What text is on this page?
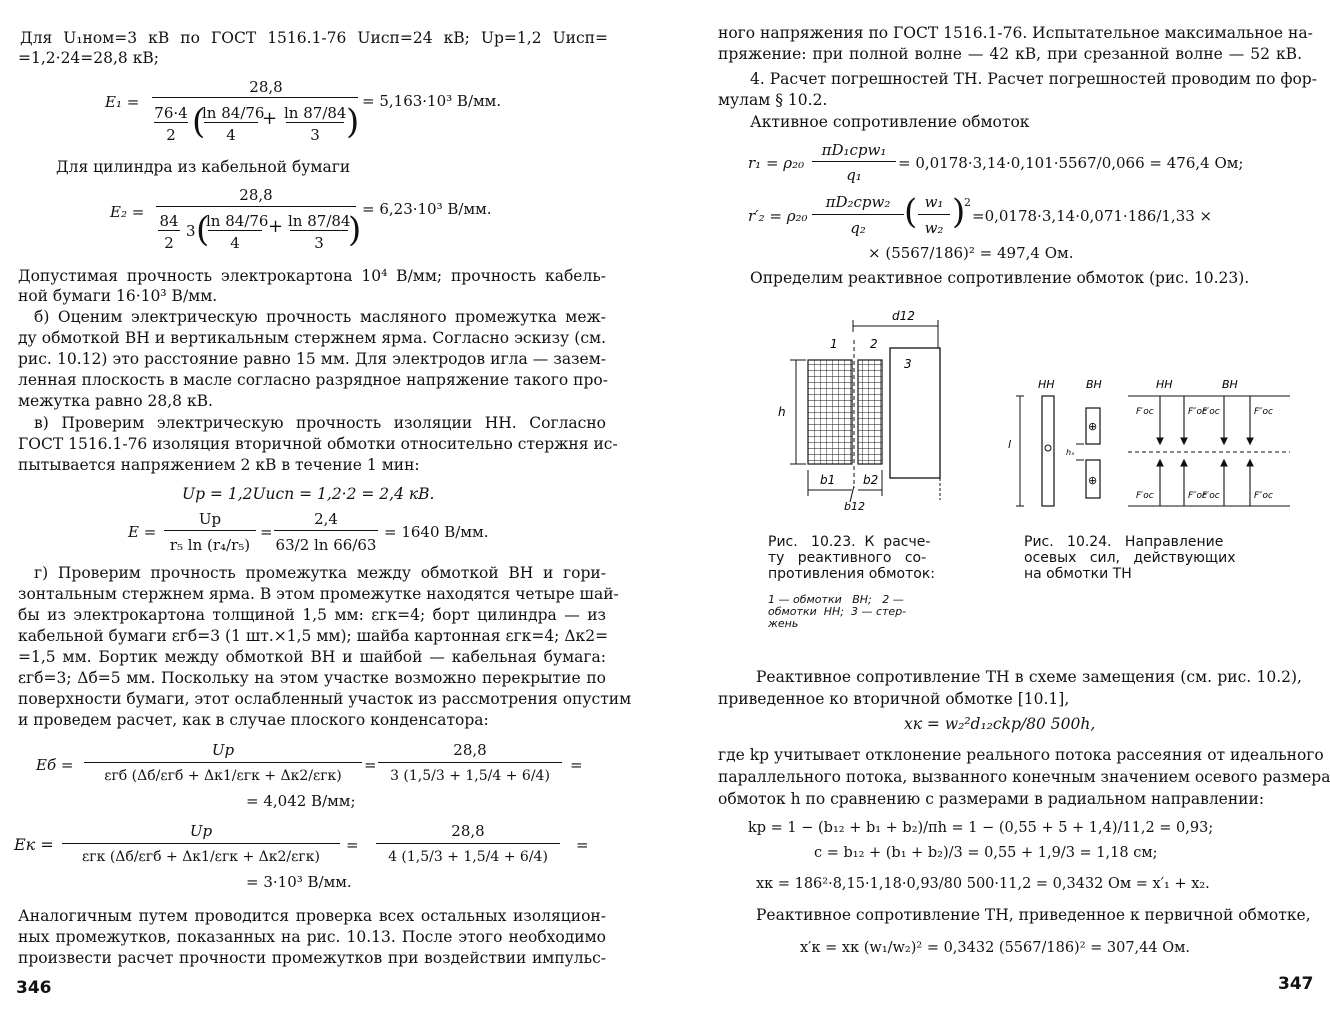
Для U₁ном=3 кВ по ГОСТ 1516.1-76 Uисп=24 кВ; Uр=1,2 Uисп=
=1,2·24=28,8 кВ;
E₁ =
28,8
76·4
2 (
ln 84/76
4
+ ln 87/84
3 )
= 5,163·10³ В/мм.
Для цилиндра из кабельной бумаги
E₂ =
28,8
84
2
3 (
ln 84/76
4
+ ln 87/84
3 )
= 6,23·10³ В/мм.
Допустимая прочность электрокартона 10⁴ В/мм; прочность кабель-
ной бумаги 16·10³ В/мм.
б) Оценим электрическую прочность масляного промежутка меж-
ду обмоткой ВН и вертикальным стержнем ярма. Согласно эскизу (см.
рис. 10.12) это расстояние равно 15 мм. Для электродов игла — зазем-
ленная плоскость в масле согласно разрядное напряжение такого про-
межутка равно 28,8 кВ.
в) Проверим электрическую прочность изоляции НН. Согласно
ГОСТ 1516.1-76 изоляция вторичной обмотки относительно стержня ис-
пытывается напряжением 2 кВ в течение 1 мин:
Uр = 1,2Uисп = 1,2·2 = 2,4 кВ.
E =
Uр
r₅ ln (r₄/r₅)
=
2,4
63/2 ln 66/63
= 1640 В/мм.
г) Проверим прочность промежутка между обмоткой ВН и гори-
зонтальным стержнем ярма. В этом промежутке находятся четыре шай-
бы из электрокартона толщиной 1,5 мм: εгк=4; борт цилиндра — из
кабельной бумаги εгб=3 (1 шт.×1,5 мм); шайба картонная εгк=4; Δк2=
=1,5 мм. Бортик между обмоткой ВН и шайбой — кабельная бумага:
εгб=3; Δб=5 мм. Поскольку на этом участке возможно перекрытие по
поверхности бумаги, этот ослабленный участок из рассмотрения опустим
и проведем расчет, как в случае плоского конденсатора:
Eб =
Uр
εгб (Δб/εгб + Δк1/εгк + Δк2/εгк)
=
28,8
3 (1,5/3 + 1,5/4 + 6/4)
=
= 4,042 В/мм;
Eк =
Uр
εгк (Δб/εгб + Δк1/εгк + Δк2/εгк)
=
28,8
4 (1,5/3 + 1,5/4 + 6/4)
=
= 3·10³ В/мм.
Аналогичным путем проводится проверка всех остальных изоляцион-
ных промежутков, показанных на рис. 10.13. После этого необходимо
произвести расчет прочности промежутков при воздействии импульс-
346
ного напряжения по ГОСТ 1516.1-76. Испытательное максимальное на-
пряжение: при полной волне — 42 кВ, при срезанной волне — 52 кВ.
4. Расчет погрешностей ТН. Расчет погрешностей проводим по фор-
мулам § 10.2.
Активное сопротивление обмоток
r₁ = ρ₂₀
πD₁срw₁
q₁
= 0,0178·3,14·0,101·5567/0,066 = 476,4 Ом;
r′₂ = ρ₂₀
πD₂срw₂
q₂	( w₁
w₂ )
2
=0,0178·3,14·0,071·186/1,33 ×
× (5567/186)² = 497,4 Ом.
Определим реактивное сопротивление обмоток (рис. 10.23).
d12
1	2
3
h
b1 b2
b12
Рис.   10.23.  К  расче-
ту   реактивного   со-
противления обмоток:
1 — обмотки   ВН;   2 —
обмотки  НН;  3 — стер-
жень
НН	ВН	НН	ВН
l
⊕
⊕
hₓ
F′ос	F″ос
F′ос	F″ос
F′ос	F″ос
F′ос	F″ос
Рис.   10.24.   Направление
осевых   сил,   действующих
на обмотки ТН
Реактивное сопротивление ТН в схеме замещения (см. рис. 10.2),
приведенное ко вторичной обмотке [10.1],
xк = w₂²d₁₂ckр/80 500h,
где kр учитывает отклонение реального потока рассеяния от идеального
параллельного потока, вызванного конечным значением осевого размера
обмоток h по сравнению с размерами в радиальном направлении:
kр = 1 − (b₁₂ + b₁ + b₂)/πh = 1 − (0,55 + 5 + 1,4)/11,2 = 0,93;
c = b₁₂ + (b₁ + b₂)/3 = 0,55 + 1,9/3 = 1,18 см;
xк = 186²·8,15·1,18·0,93/80 500·11,2 = 0,3432 Ом = x′₁ + x₂.
Реактивное сопротивление ТН, приведенное к первичной обмотке,
x′к = xк (w₁/w₂)² = 0,3432 (5567/186)² = 307,44 Ом.
347
